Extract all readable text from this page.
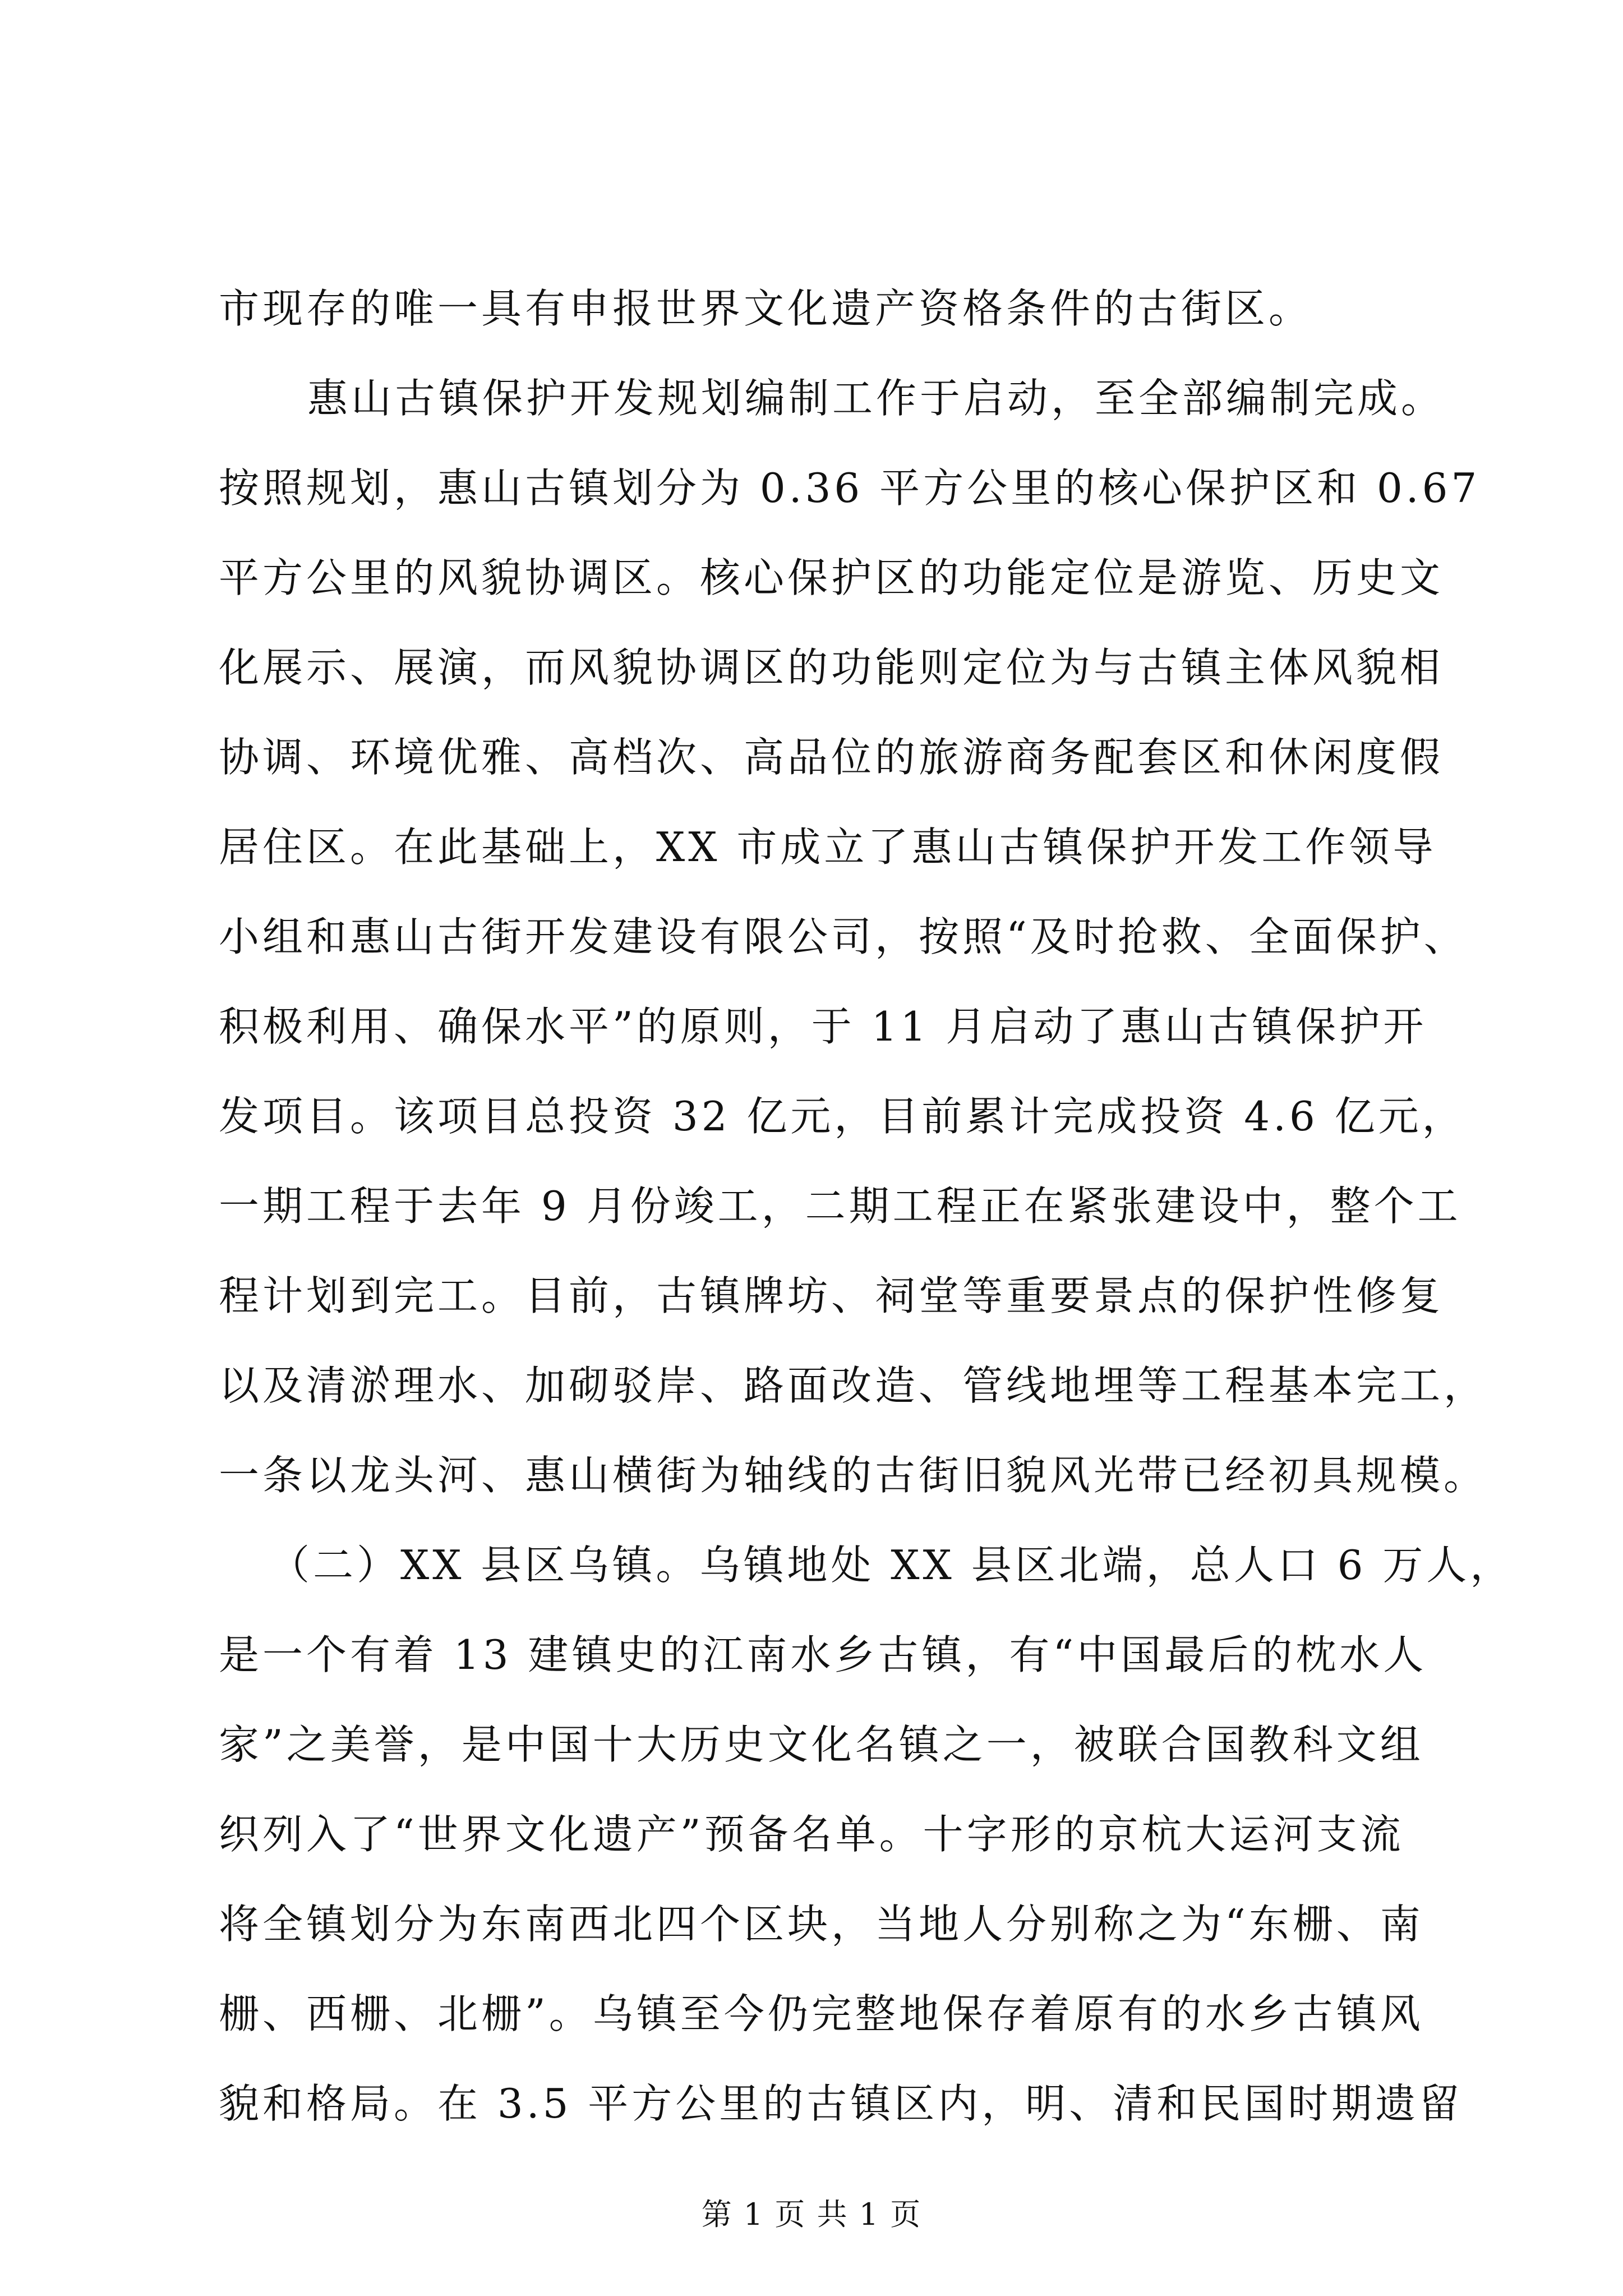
市现存的唯一具有申报世界文化遗产资格条件的古街区。
惠山古镇保护开发规划编制工作于启动，至全部编制完成。
按照规划，惠山古镇划分为 0.36 平方公里的核心保护区和 0.67
平方公里的风貌协调区。核心保护区的功能定位是游览、历史文
化展示、展演，而风貌协调区的功能则定位为与古镇主体风貌相
协调、环境优雅、高档次、高品位的旅游商务配套区和休闲度假
居住区。在此基础上，XX 市成立了惠山古镇保护开发工作领导
小组和惠山古街开发建设有限公司，按照“及时抢救、全面保护、
积极利用、确保水平”的原则，于 11 月启动了惠山古镇保护开
发项目。该项目总投资 32 亿元，目前累计完成投资 4.6 亿元，
一期工程于去年 9 月份竣工，二期工程正在紧张建设中，整个工
程计划到完工。目前，古镇牌坊、祠堂等重要景点的保护性修复
以及清淤理水、加砌驳岸、路面改造、管线地埋等工程基本完工，
一条以龙头河、惠山横街为轴线的古街旧貌风光带已经初具规模。
（二）XX 县区乌镇。乌镇地处 XX 县区北端，总人口 6 万人，
是一个有着 13 建镇史的江南水乡古镇，有“中国最后的枕水人
家”之美誉，是中国十大历史文化名镇之一，被联合国教科文组
织列入了“世界文化遗产”预备名单。十字形的京杭大运河支流
将全镇划分为东南西北四个区块，当地人分别称之为“东栅、南
栅、西栅、北栅”。乌镇至今仍完整地保存着原有的水乡古镇风
貌和格局。在 3.5 平方公里的古镇区内，明、清和民国时期遗留
第 1 页 共 1 页
